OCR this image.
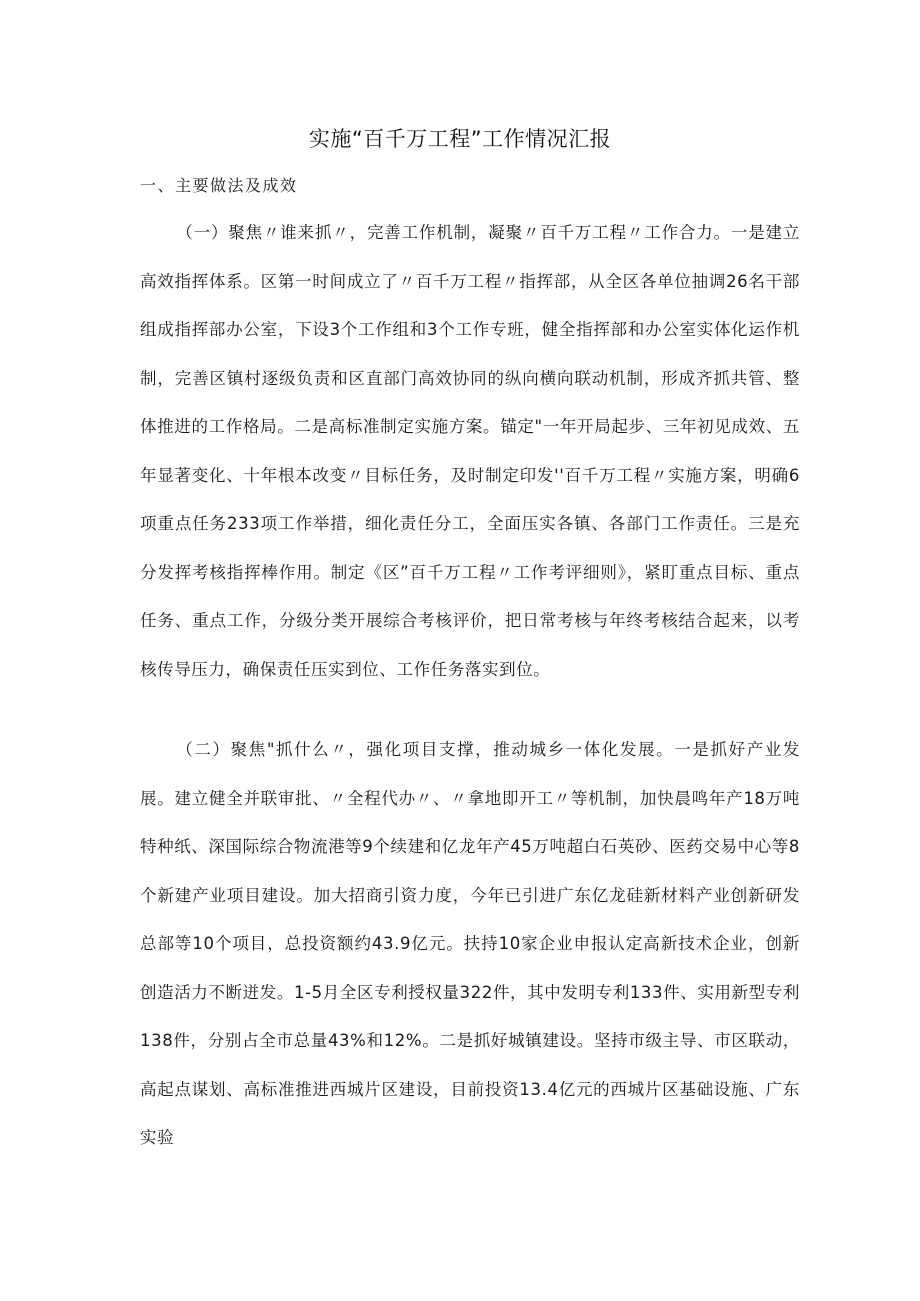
实施“百千万工程”工作情况汇报
一、主要做法及成效

（一）聚焦〃谁来抓〃，完善工作机制，凝聚〃百千万工程〃工作合力。一是建立高效指挥体系。区第一时间成立了〃百千万工程〃指挥部，从全区各单位抽调26名干部组成指挥部办公室，下设3个工作组和3个工作专班，健全指挥部和办公室实体化运作机制，完善区镇村逐级负责和区直部门高效协同的纵向横向联动机制，形成齐抓共管、整体推进的工作格局。二是高标准制定实施方案。锚定"一年开局起步、三年初见成效、五年显著变化、十年根本改变〃目标任务，及时制定印发''百千万工程〃实施方案，明确6项重点任务233项工作举措，细化责任分工，全面压实各镇、各部门工作责任。三是充分发挥考核指挥棒作用。制定《区”百千万工程〃工作考评细则》，紧盯重点目标、重点任务、重点工作，分级分类开展综合考核评价，把日常考核与年终考核结合起来，以考核传导压力，确保责任压实到位、工作任务落实到位。

（二）聚焦"抓什么〃，强化项目支撑，推动城乡一体化发展。一是抓好产业发展。建立健全并联审批、〃全程代办〃、〃拿地即开工〃等机制，加快晨鸣年产18万吨特种纸、深国际综合物流港等9个续建和亿龙年产45万吨超白石英砂、医药交易中心等8个新建产业项目建设。加大招商引资力度，今年已引进广东亿龙硅新材料产业创新研发总部等10个项目，总投资额约43.9亿元。扶持10家企业申报认定高新技术企业，创新创造活力不断迸发。1-5月全区专利授权量322件，其中发明专利133件、实用新型专利138件，分别占全市总量43%和12%。二是抓好城镇建设。坚持市级主导、市区联动，高起点谋划、高标准推进西城片区建设，目前投资13.4亿元的西城片区基础设施、广东实验
